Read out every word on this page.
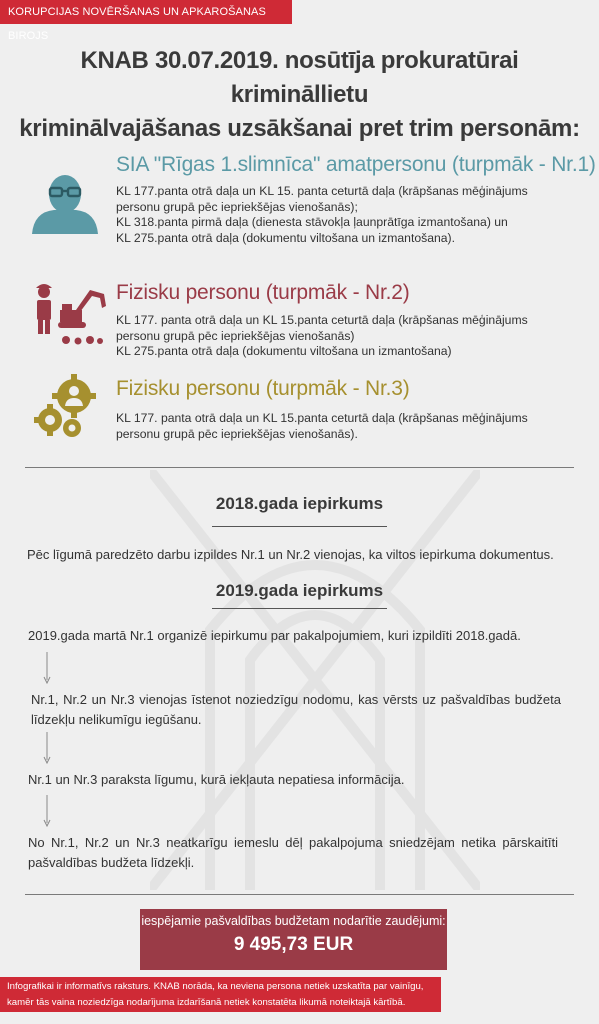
KORUPCIJAS NOVĒRŠANAS UN APKAROŠANAS BIROJS
KNAB 30.07.2019. nosūtīja prokuratūrai krimināllietu
kriminālvajāšanas uzsākšanai pret trim personām:
SIA "Rīgas 1.slimnīca" amatpersonu (turpmāk - Nr.1)
KL 177.panta otrā daļa un KL 15. panta ceturtā daļa (krāpšanas mēģinājums
personu grupā pēc iepriekšējas vienošanās);
KL 318.panta pirmā daļa (dienesta stāvokļa ļaunprātīga izmantošana) un
KL 275.panta otrā daļa (dokumentu viltošana un izmantošana).
Fizisku personu (turpmāk - Nr.2)
KL 177. panta otrā daļa un KL 15.panta ceturtā daļa (krāpšanas mēģinājums
personu grupā pēc iepriekšējas vienošanās)
KL 275.panta otrā daļa (dokumentu viltošana un izmantošana)
Fizisku personu (turpmāk - Nr.3)
KL 177. panta otrā daļa un KL 15.panta ceturtā daļa (krāpšanas mēģinājums
personu grupā pēc iepriekšējas vienošanās).
2018.gada iepirkums
Pēc līgumā paredzēto darbu izpildes Nr.1 un Nr.2 vienojas, ka viltos iepirkuma dokumentus.
2019.gada iepirkums
2019.gada martā Nr.1 organizē iepirkumu par pakalpojumiem, kuri izpildīti 2018.gadā.
Nr.1, Nr.2 un Nr.3 vienojas īstenot noziedzīgu nodomu, kas vērsts uz pašvaldības budžeta līdzekļu nelikumīgu iegūšanu.
Nr.1 un Nr.3 paraksta līgumu, kurā iekļauta nepatiesa informācija.
No Nr.1, Nr.2 un Nr.3 neatkarīgu iemeslu dēļ pakalpojuma sniedzējam netika pārskaitīti pašvaldības budžeta līdzekļi.
iespējamie pašvaldības budžetam nodarītie zaudējumi:
9 495,73 EUR
Infografikai ir informatīvs raksturs. KNAB norāda, ka neviena persona netiek uzskatīta par vainīgu,
kamēr tās vaina noziedzīga nodarījuma izdarīšanā netiek konstatēta likumā noteiktajā kārtībā.
